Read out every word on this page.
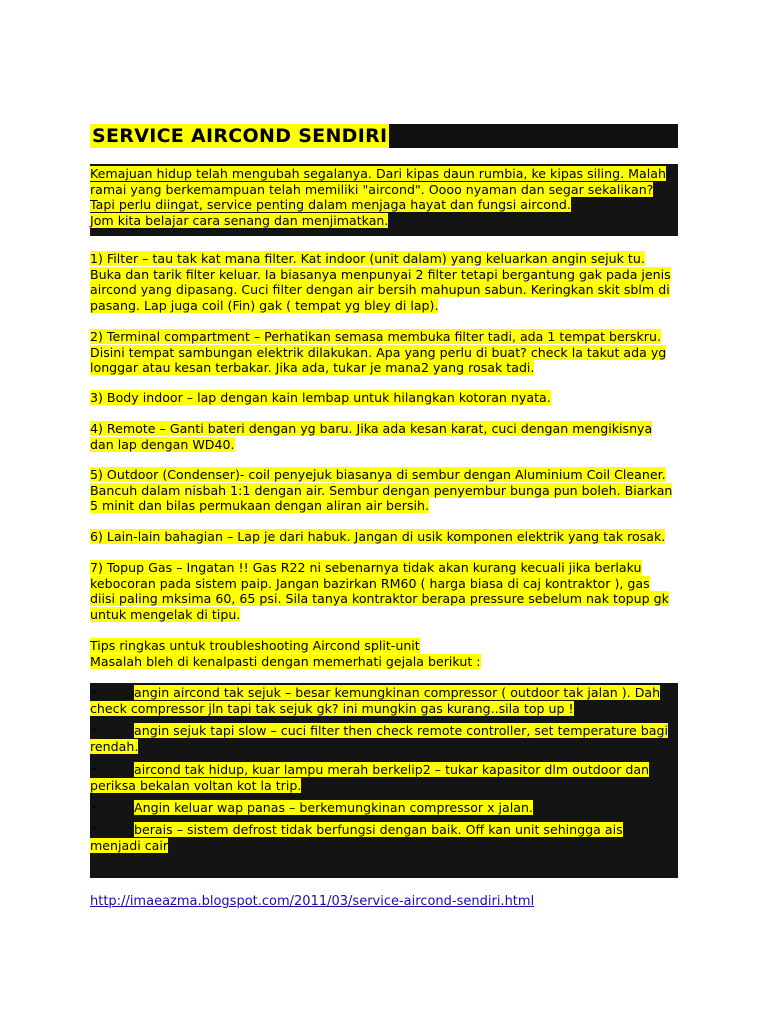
SERVICE AIRCOND SENDIRI

Kemajuan hidup telah mengubah segalanya. Dari kipas daun rumbia, ke kipas siling. Malah

ramai yang berkemampuan telah memiliki "aircond". Oooo nyaman dan segar sekalikan?

Tapi perlu diingat, service penting dalam menjaga hayat dan fungsi aircond.

Jom kita belajar cara senang dan menjimatkan.

1) Filter – tau tak kat mana filter. Kat indoor (unit dalam) yang keluarkan angin sejuk tu.

Buka dan tarik filter keluar. Ia biasanya menpunyai 2 filter tetapi bergantung gak pada jenis

aircond yang dipasang. Cuci filter dengan air bersih mahupun sabun. Keringkan skit sblm di

pasang. Lap juga coil (Fin) gak ( tempat yg bley di lap).

2) Terminal compartment – Perhatikan semasa membuka filter tadi, ada 1 tempat berskru.

Disini tempat sambungan elektrik dilakukan. Apa yang perlu di buat? check la takut ada yg

longgar atau kesan terbakar. Jika ada, tukar je mana2 yang rosak tadi.

3) Body indoor – lap dengan kain lembap untuk hilangkan kotoran nyata.

4) Remote – Ganti bateri dengan yg baru. Jika ada kesan karat, cuci dengan mengikisnya

dan lap dengan WD40.

5) Outdoor (Condenser)- coil penyejuk biasanya di sembur dengan Aluminium Coil Cleaner.

Bancuh dalam nisbah 1:1 dengan air. Sembur dengan penyembur bunga pun boleh. Biarkan

5 minit dan bilas permukaan dengan aliran air bersih.

6) Lain-lain bahagian – Lap je dari habuk. Jangan di usik komponen elektrik yang tak rosak.

7) Topup Gas – Ingatan !! Gas R22 ni sebenarnya tidak akan kurang kecuali jika berlaku

kebocoran pada sistem paip. Jangan bazirkan RM60 ( harga biasa di caj kontraktor ), gas

diisi paling mksima 60, 65 psi. Sila tanya kontraktor berapa pressure sebelum nak topup gk

untuk mengelak di tipu.

Tips ringkas untuk troubleshooting Aircond split-unit

Masalah bleh di kenalpasti dengan memerhati gejala berikut :

•	angin aircond tak sejuk – besar kemungkinan compressor ( outdoor tak jalan ). Dah
check compressor jln tapi tak sejuk gk? ini mungkin gas kurang..sila top up !
•	angin sejuk tapi slow – cuci filter then check remote controller, set temperature bagi
rendah.
•	aircond tak hidup, kuar lampu merah berkelip2 – tukar kapasitor dlm outdoor dan
periksa bekalan voltan kot la trip.
•	Angin keluar wap panas – berkemungkinan compressor x jalan.
•	berais – sistem defrost tidak berfungsi dengan baik. Off kan unit sehingga ais
menjadi cair
http://imaeazma.blogspot.com/2011/03/service-aircond-sendiri.html
